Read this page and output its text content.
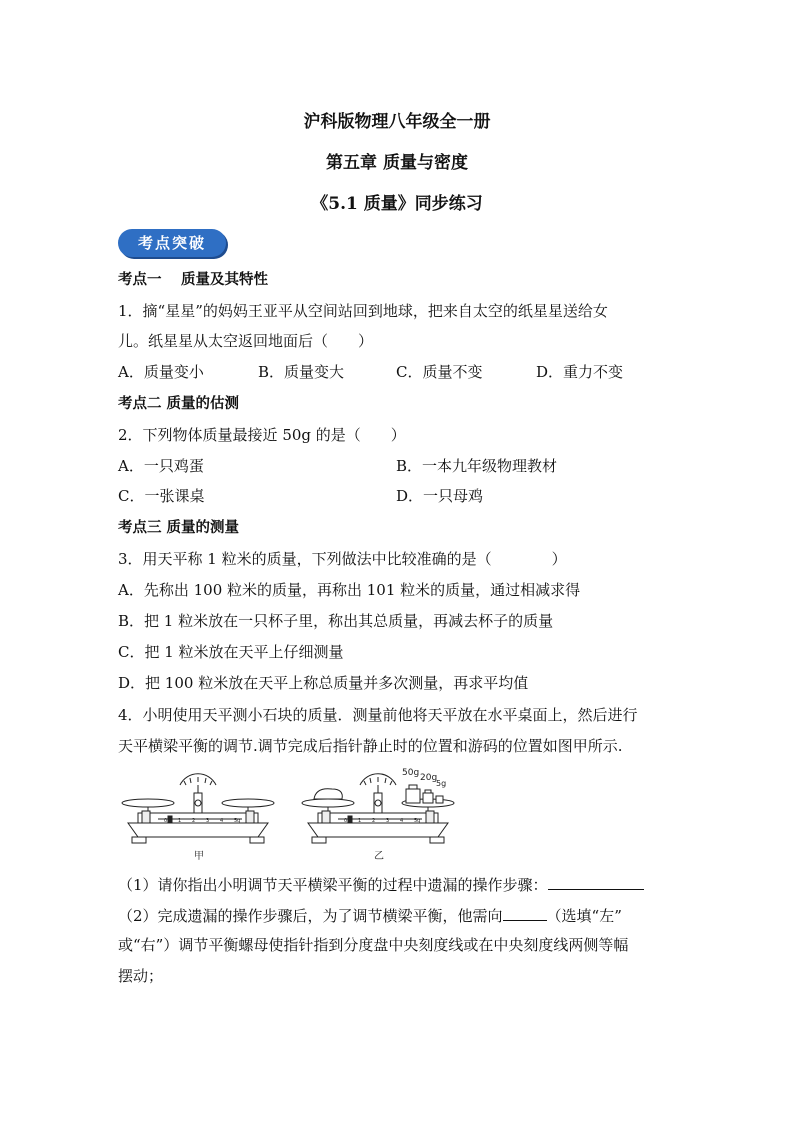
沪科版物理八年级全一册
第五章 质量与密度
《5.1 质量》同步练习
考点突破
考点一　 质量及其特性
1．摘“星星”的妈妈王亚平从空间站回到地球，把来自太空的纸星星送给女
儿。纸星星从太空返回地面后（　　）
A．质量变小	B．质量变大	C．质量不变	D．重力不变
考点二 质量的估测
2．下列物体质量最接近 50g 的是（　　）
A．一只鸡蛋	B．一本九年级物理教材
C．一张课桌	D．一只母鸡
考点三 质量的测量
3．用天平称 1 粒米的质量，下列做法中比较准确的是（　　　　）
A．先称出 100 粒米的质量，再称出 101 粒米的质量，通过相减求得
B．把 1 粒米放在一只杯子里，称出其总质量，再减去杯子的质量
C．把 1 粒米放在天平上仔细测量
D．把 100 粒米放在天平上称总质量并多次测量，再求平均值
4．小明使用天平测小石块的质量．测量前他将天平放在水平桌面上，然后进行
天平横梁平衡的调节.调节完成后指针静止时的位置和游码的位置如图甲所示.
甲
50g 20g
5g
乙
0 1 2 3 4 5g	0 1 2 3 4 5g
（1）请你指出小明调节天平横梁平衡的过程中遗漏的操作步骤：
（2）完成遗漏的操作步骤后，为了调节横梁平衡，他需向	（选填“左”
或“右”）调节平衡螺母使指针指到分度盘中央刻度线或在中央刻度线两侧等幅
摆动；
